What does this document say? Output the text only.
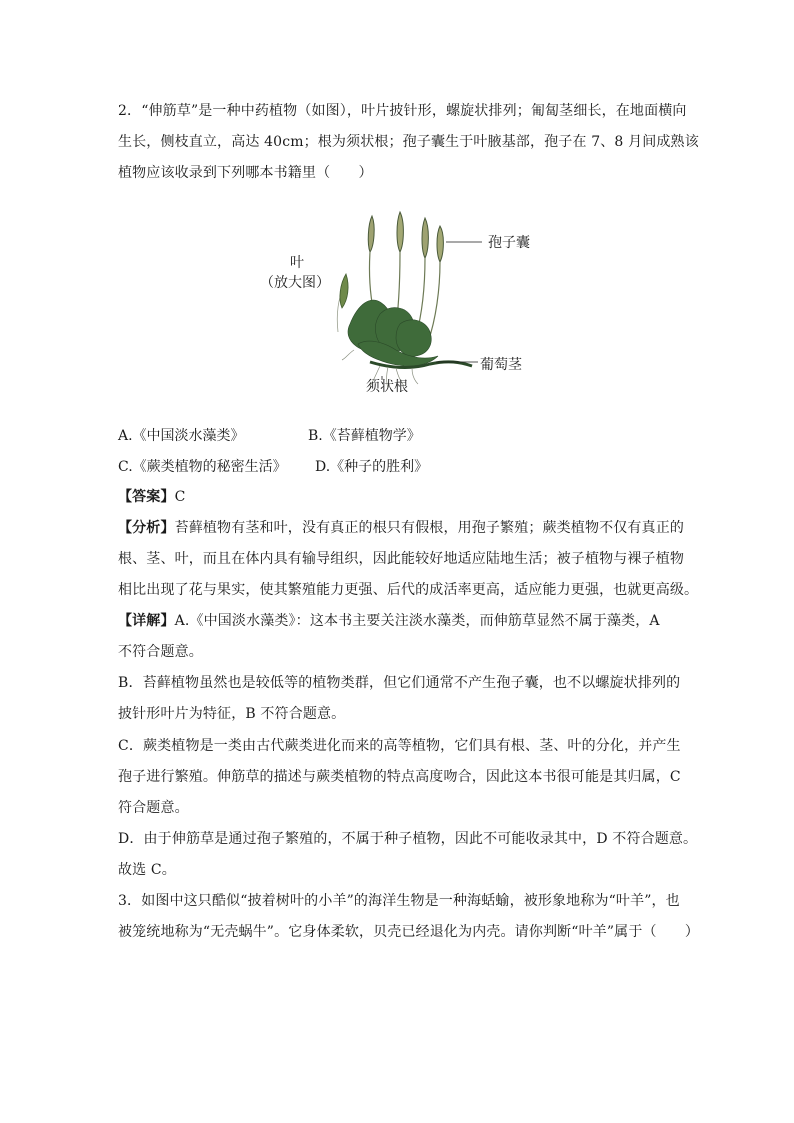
2．“伸筋草”是一种中药植物（如图），叶片披针形，螺旋状排列；匍匐茎细长，在地面横向
生长，侧枝直立，高达 40cm；根为须状根；孢子囊生于叶腋基部，孢子在 7、8 月间成熟该
植物应该收录到下列哪本书籍里（　　）
叶
（放大图）
孢子囊
葡萄茎
须状根
A.《中国淡水藻类》	B.《苔藓植物学》
C.《蕨类植物的秘密生活》 D.《种子的胜利》
【答案】C
【分析】苔藓植物有茎和叶，没有真正的根只有假根，用孢子繁殖；蕨类植物不仅有真正的
根、茎、叶，而且在体内具有输导组织，因此能较好地适应陆地生活；被子植物与裸子植物
相比出现了花与果实，使其繁殖能力更强、后代的成活率更高，适应能力更强，也就更高级。
【详解】A.《中国淡水藻类》：这本书主要关注淡水藻类，而伸筋草显然不属于藻类，A
不符合题意。
B．苔藓植物虽然也是较低等的植物类群，但它们通常不产生孢子囊，也不以螺旋状排列的
披针形叶片为特征，B 不符合题意。
C．蕨类植物是一类由古代蕨类进化而来的高等植物，它们具有根、茎、叶的分化，并产生
孢子进行繁殖。伸筋草的描述与蕨类植物的特点高度吻合，因此这本书很可能是其归属，C
符合题意。
D．由于伸筋草是通过孢子繁殖的，不属于种子植物，因此不可能收录其中，D 不符合题意。
故选 C。
3．如图中这只酷似“披着树叶的小羊”的海洋生物是一种海蛞蝓，被形象地称为“叶羊”，也
被笼统地称为“无壳蜗牛”。它身体柔软，贝壳已经退化为内壳。请你判断“叶羊”属于（　　）
